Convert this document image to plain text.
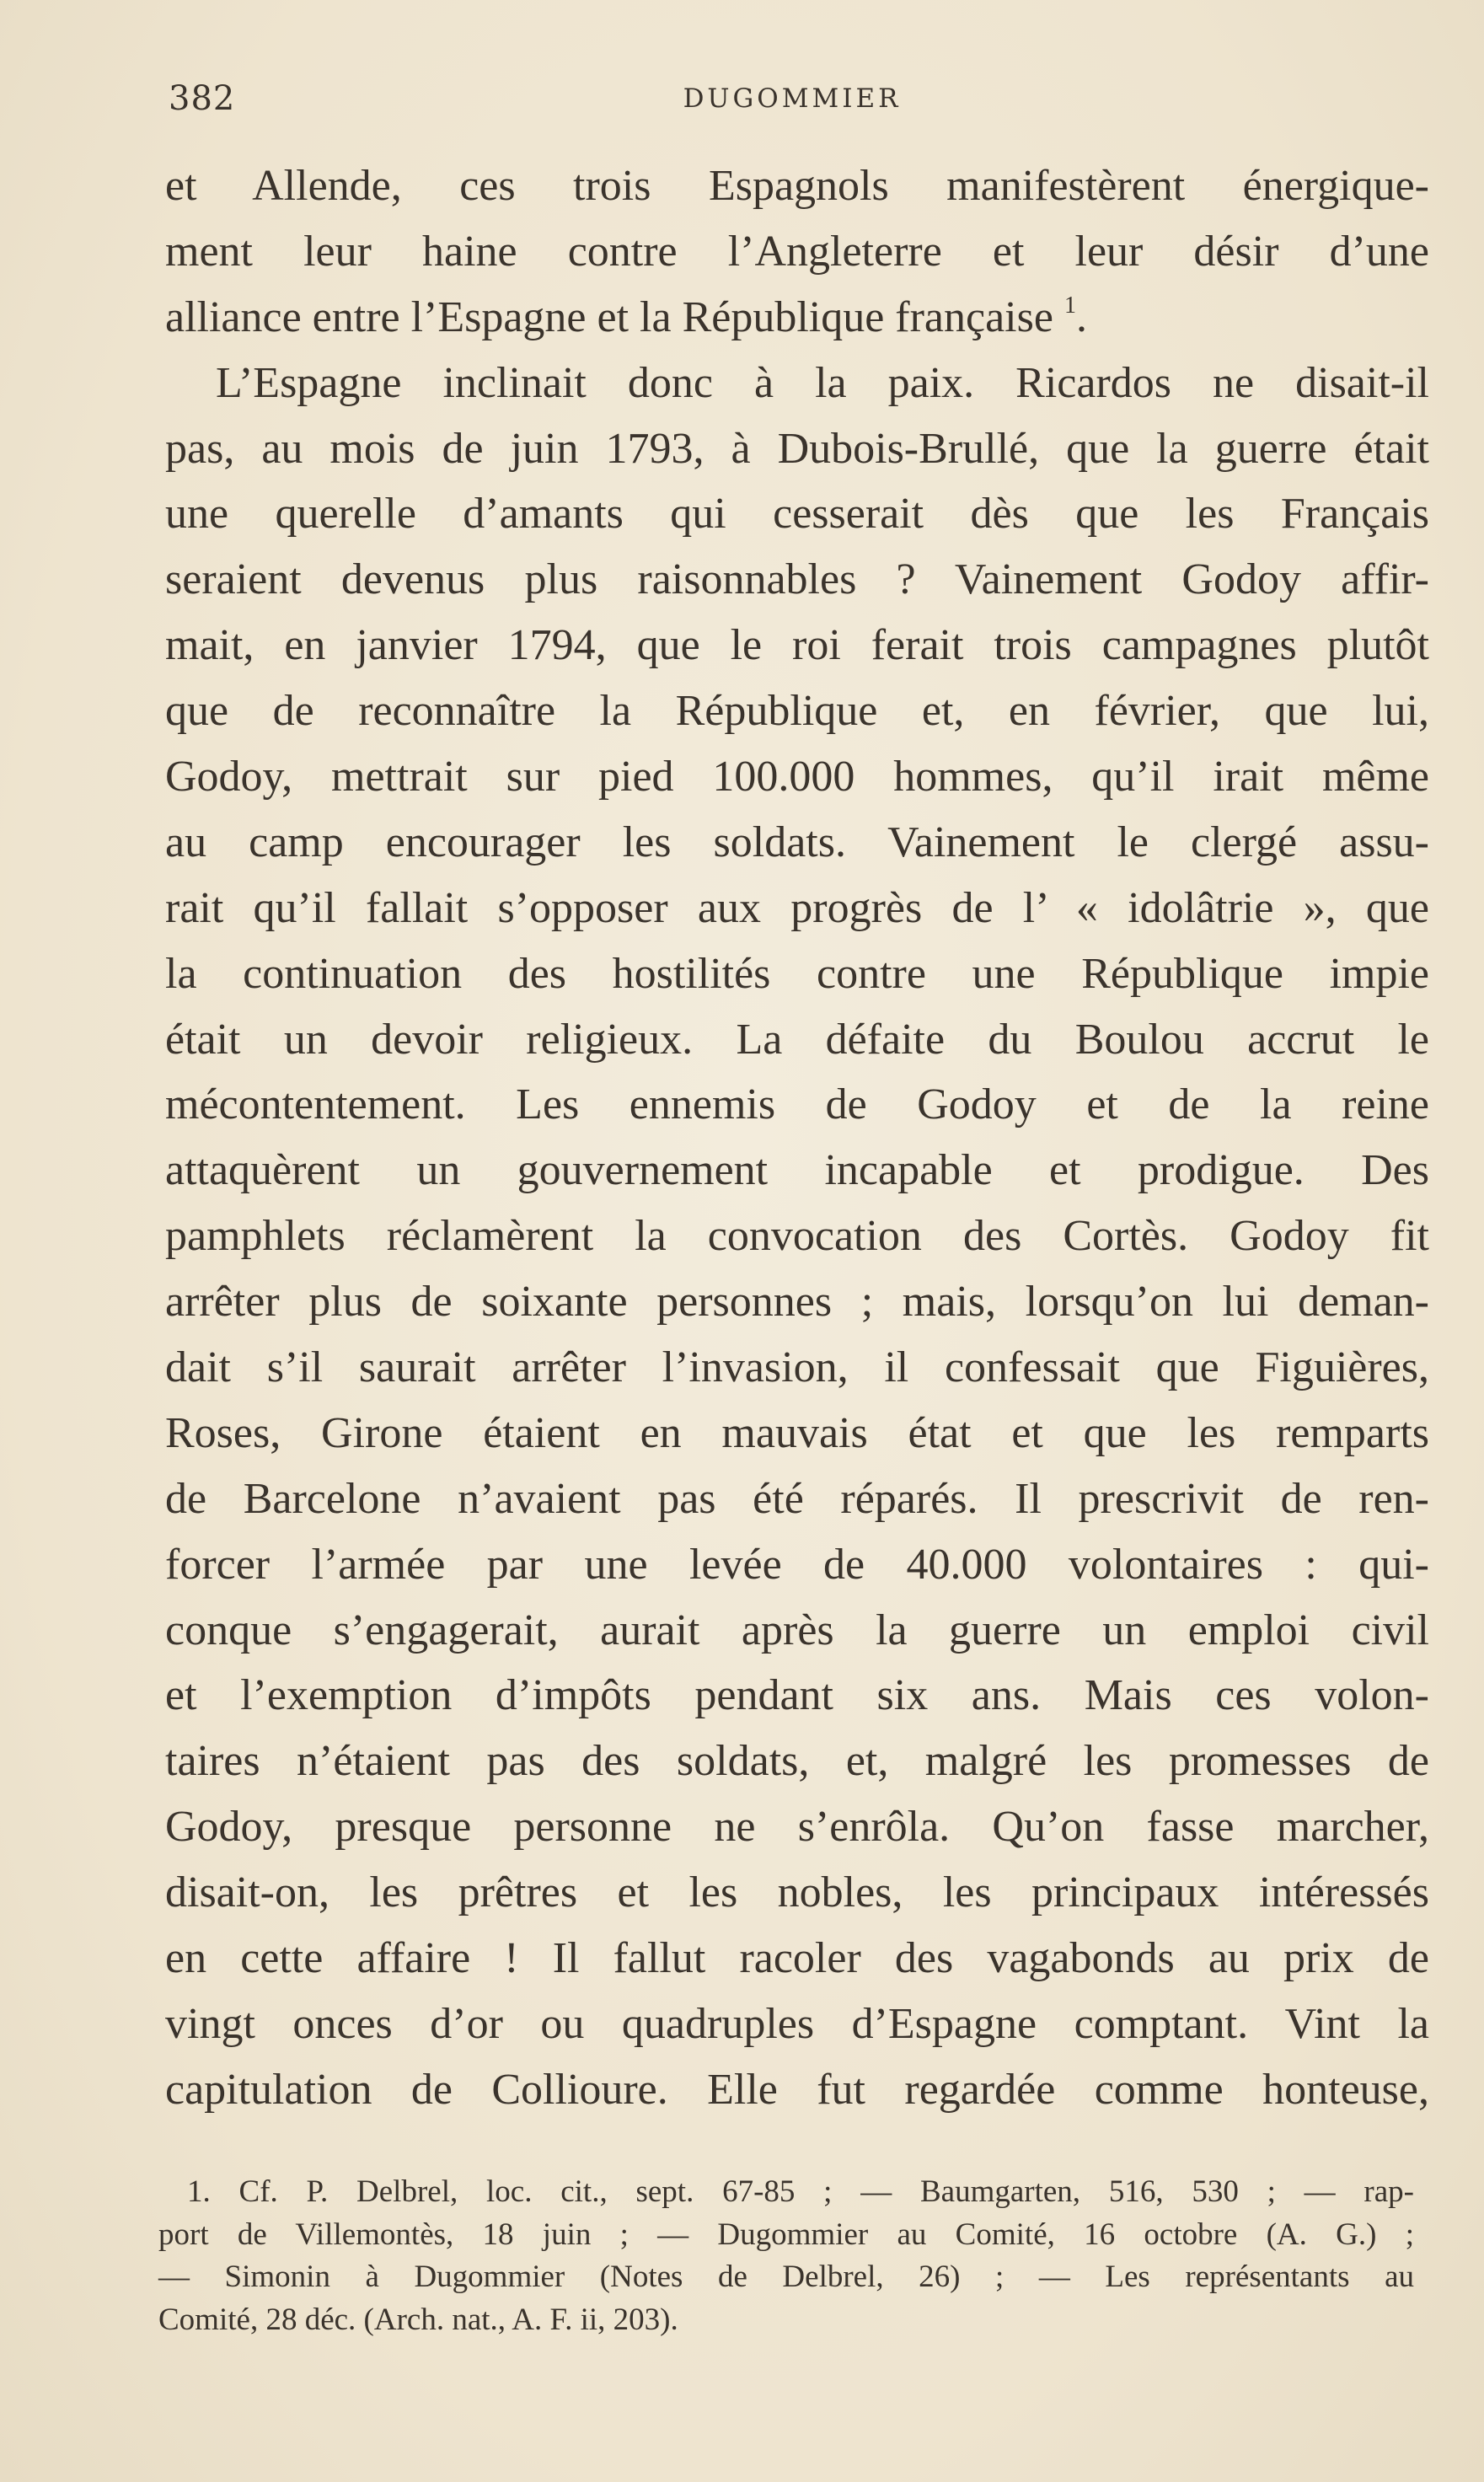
382	DUGOMMIER
et Allende, ces trois Espagnols manifestèrent énergique-
ment leur haine contre l’Angleterre et leur désir d’une
alliance entre l’Espagne et la République française $^1$.
L’Espagne inclinait donc à la paix. Ricardos ne disait-il
pas, au mois de juin 1793, à Dubois-Brullé, que la guerre était
une querelle d’amants qui cesserait dès que les Français
seraient devenus plus raisonnables ? Vainement Godoy affir-
mait, en janvier 1794, que le roi ferait trois campagnes plutôt
que de reconnaître la République et, en février, que lui,
Godoy, mettrait sur pied 100.000 hommes, qu’il irait même
au camp encourager les soldats. Vainement le clergé assu-
rait qu’il fallait s’opposer aux progrès de l’ « idolâtrie », que
la continuation des hostilités contre une République impie
était un devoir religieux. La défaite du Boulou accrut le
mécontentement. Les ennemis de Godoy et de la reine
attaquèrent un gouvernement incapable et prodigue. Des
pamphlets réclamèrent la convocation des Cortès. Godoy fit
arrêter plus de soixante personnes ; mais, lorsqu’on lui deman-
dait s’il saurait arrêter l’invasion, il confessait que Figuières,
Roses, Girone étaient en mauvais état et que les remparts
de Barcelone n’avaient pas été réparés. Il prescrivit de ren-
forcer l’armée par une levée de 40.000 volontaires : qui-
conque s’engagerait, aurait après la guerre un emploi civil
et l’exemption d’impôts pendant six ans. Mais ces volon-
taires n’étaient pas des soldats, et, malgré les promesses de
Godoy, presque personne ne s’enrôla. Qu’on fasse marcher,
disait-on, les prêtres et les nobles, les principaux intéressés
en cette affaire ! Il fallut racoler des vagabonds au prix de
vingt onces d’or ou quadruples d’Espagne comptant. Vint la
capitulation de Collioure. Elle fut regardée comme honteuse,
1. Cf. P. Delbrel, loc. cit., sept. 67-85 ; — Baumgarten, 516, 530 ; — rap-
port de Villemontès, 18 juin ; — Dugommier au Comité, 16 octobre (A. G.) ;
— Simonin à Dugommier (Notes de Delbrel, 26) ; — Les représentants au
Comité, 28 déc. (Arch. nat., A. F. ii, 203).
